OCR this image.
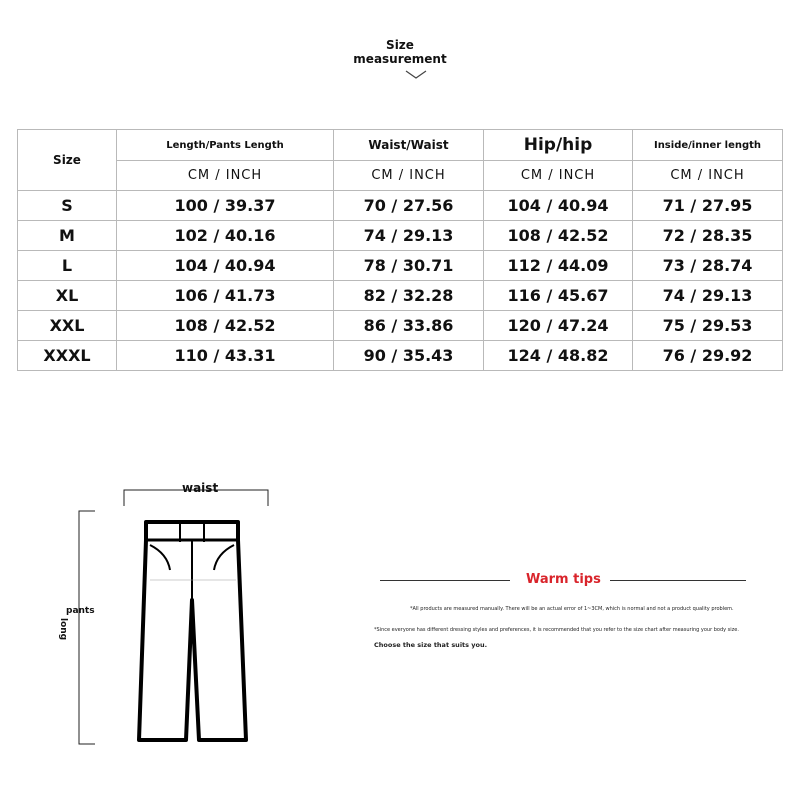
Size
measurement
Size	Length/Pants Length	Waist/Waist	Hip/hip	Inside/inner length
	CM / INCH	CM / INCH	CM / INCH	CM / INCH
S	100 / 39.37	70 / 27.56	104 / 40.94	71 / 27.95
M	102 / 40.16	74 / 29.13	108 / 42.52	72 / 28.35
L	104 / 40.94	78 / 30.71	112 / 44.09	73 / 28.74
XL	106 / 41.73	82 / 32.28	116 / 45.67	74 / 29.13
XXL	108 / 42.52	86 / 33.86	120 / 47.24	75 / 29.53
XXXL	110 / 43.31	90 / 35.43	124 / 48.82	76 / 29.92
waist
pants
long
Warm tips
*All products are measured manually. There will be an actual error of 1~3CM, which is normal and not a product quality problem.
*Since everyone has different dressing styles and preferences, it is recommended that you refer to the size chart after measuring your body size.
Choose the size that suits you.
